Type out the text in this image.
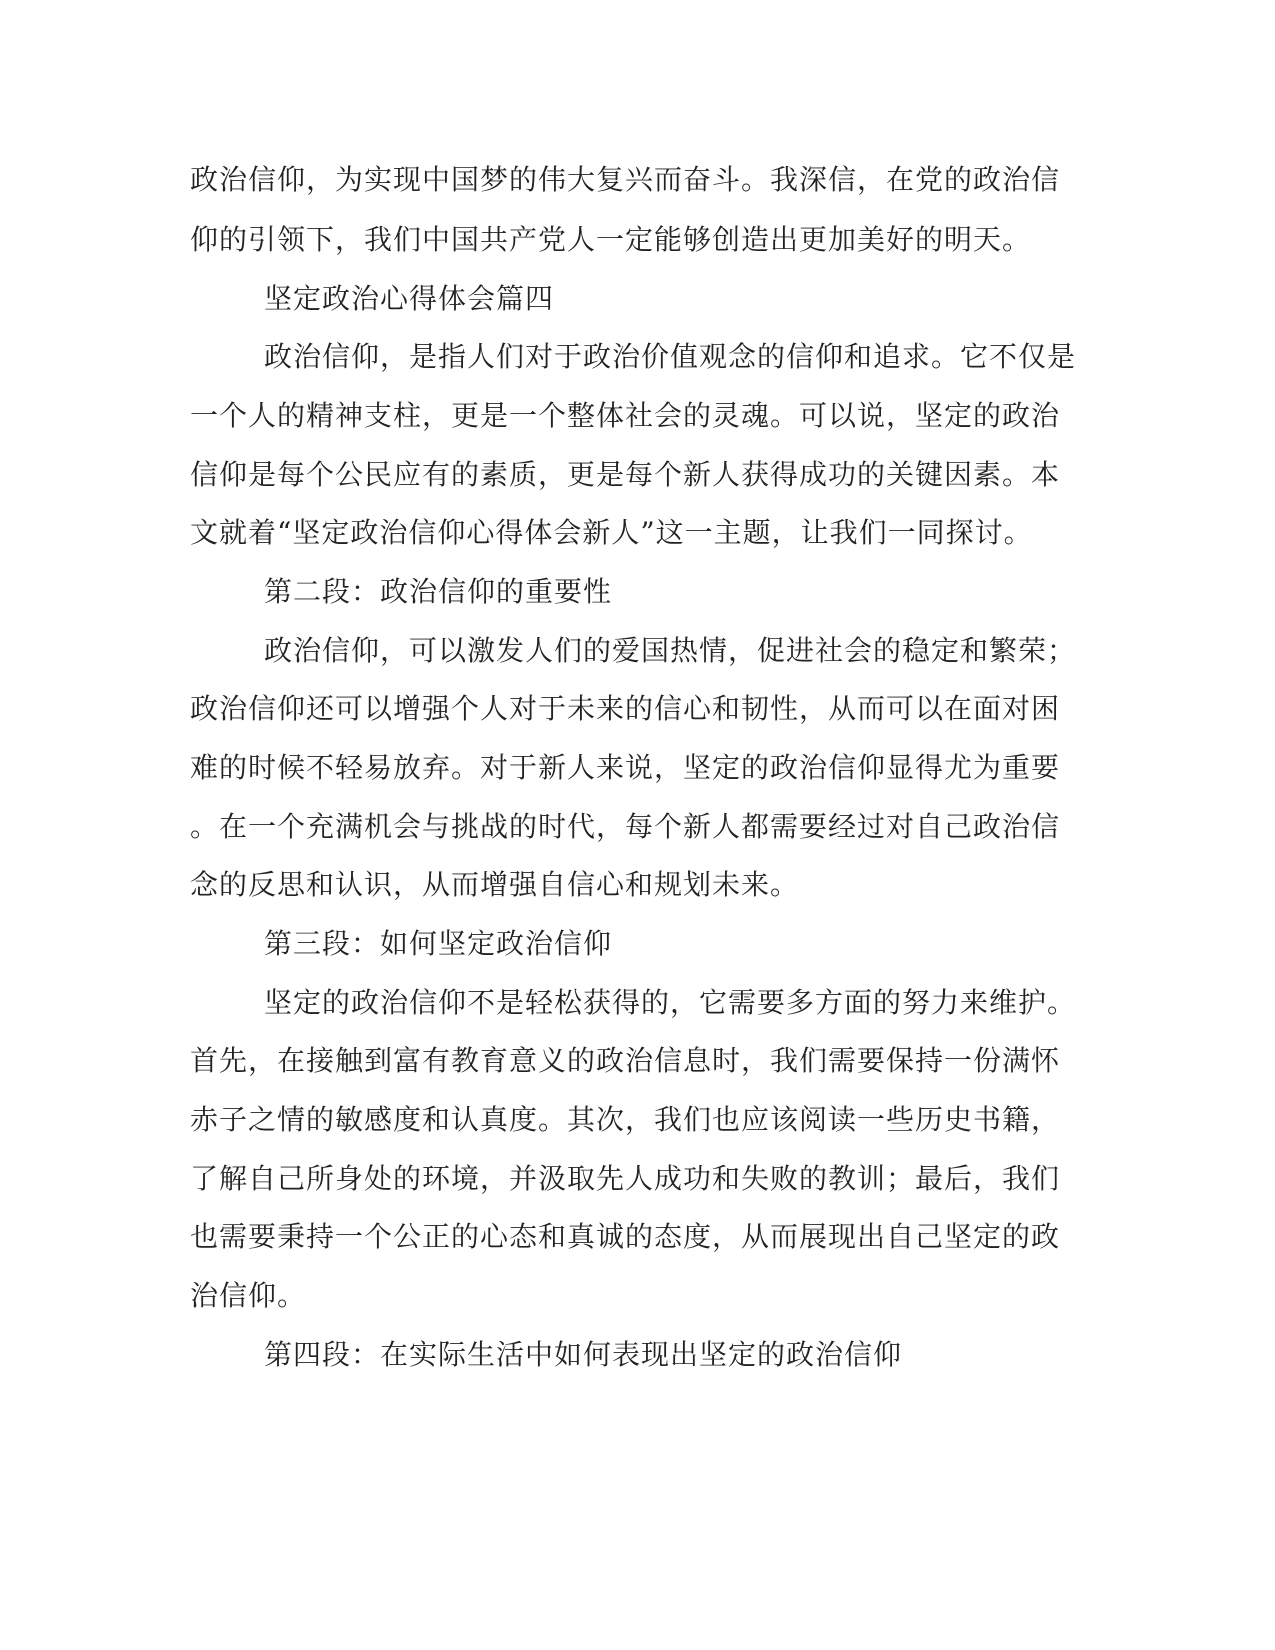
政治信仰，为实现中国梦的伟大复兴而奋斗。我深信，在党的政治信
仰的引领下，我们中国共产党人一定能够创造出更加美好的明天。
坚定政治心得体会篇四
政治信仰，是指人们对于政治价值观念的信仰和追求。它不仅是
一个人的精神支柱，更是一个整体社会的灵魂。可以说，坚定的政治
信仰是每个公民应有的素质，更是每个新人获得成功的关键因素。本
文就着“坚定政治信仰心得体会新人”这一主题，让我们一同探讨。
第二段：政治信仰的重要性
政治信仰，可以激发人们的爱国热情，促进社会的稳定和繁荣；
政治信仰还可以增强个人对于未来的信心和韧性，从而可以在面对困
难的时候不轻易放弃。对于新人来说，坚定的政治信仰显得尤为重要
。在一个充满机会与挑战的时代，每个新人都需要经过对自己政治信
念的反思和认识，从而增强自信心和规划未来。
第三段：如何坚定政治信仰
坚定的政治信仰不是轻松获得的，它需要多方面的努力来维护。
首先，在接触到富有教育意义的政治信息时，我们需要保持一份满怀
赤子之情的敏感度和认真度。其次，我们也应该阅读一些历史书籍，
了解自己所身处的环境，并汲取先人成功和失败的教训；最后，我们
也需要秉持一个公正的心态和真诚的态度，从而展现出自己坚定的政
治信仰。
第四段：在实际生活中如何表现出坚定的政治信仰
